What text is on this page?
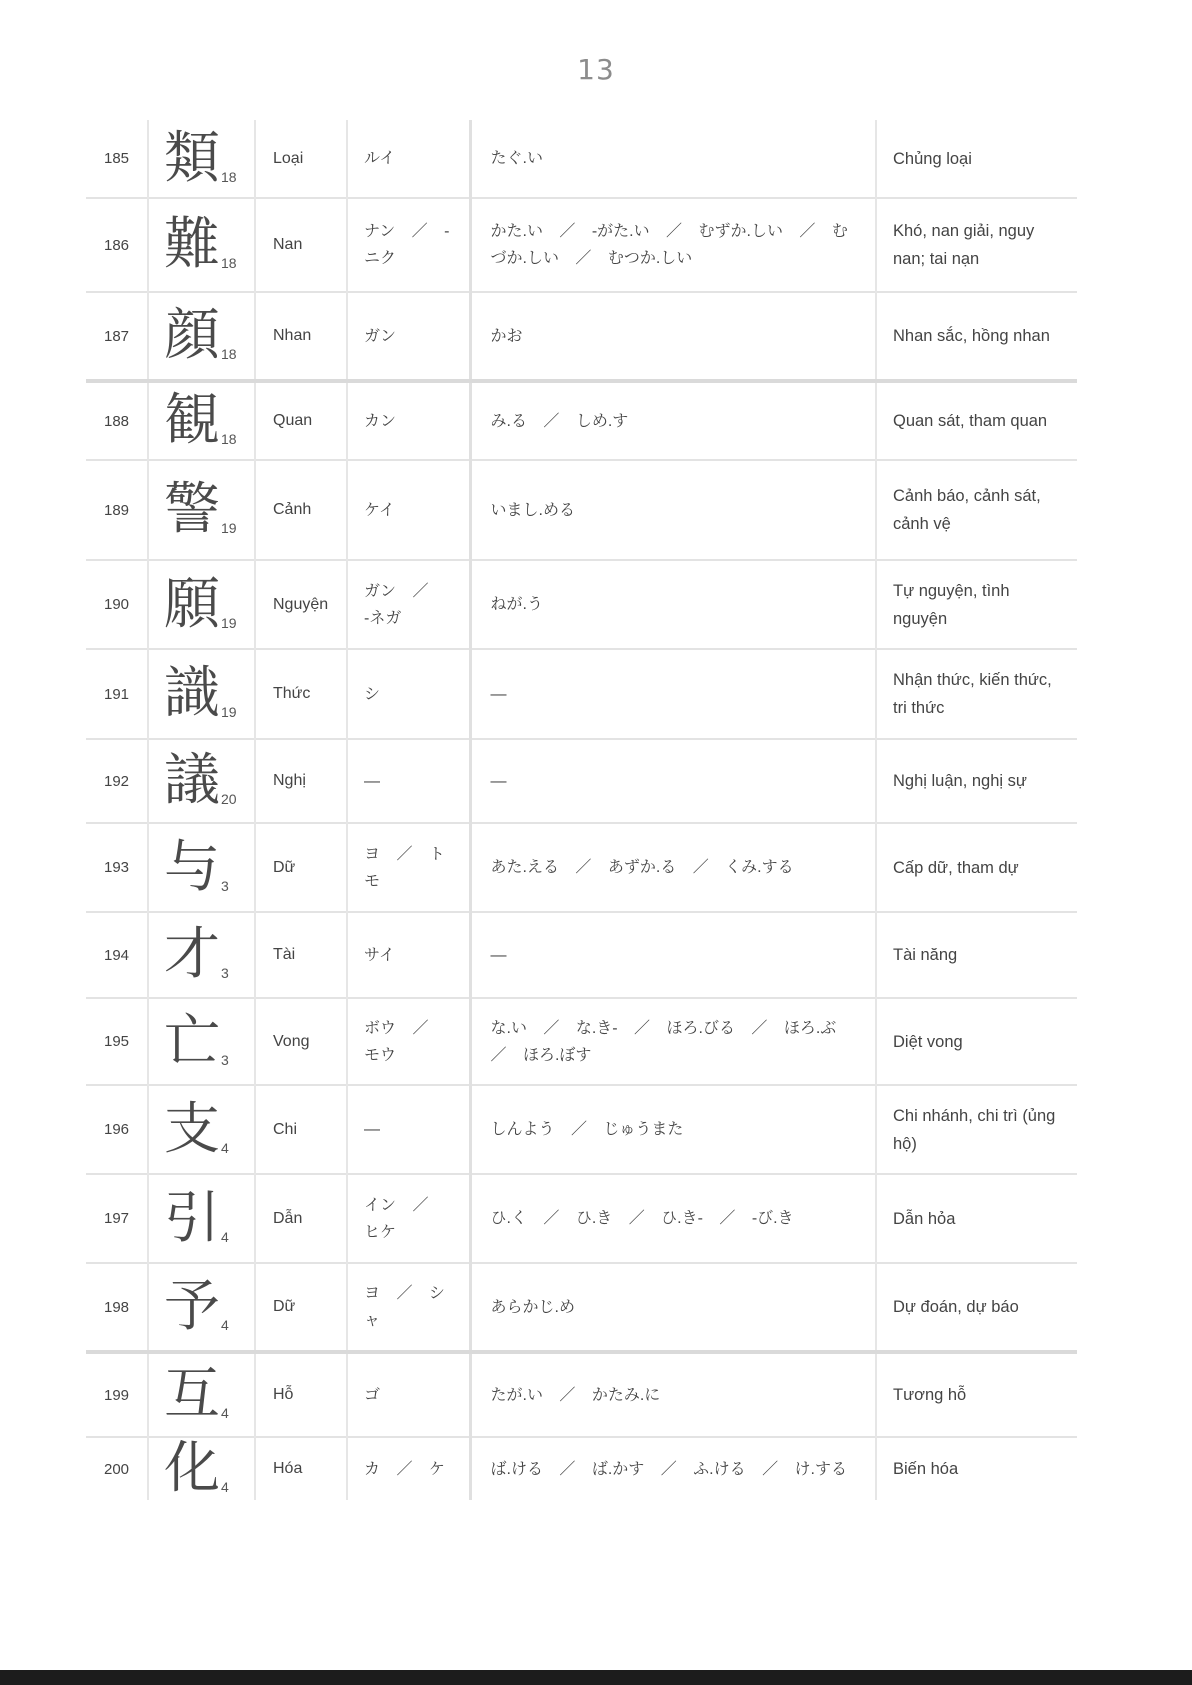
13
185	類 18	Loại	ルイ	たぐ.い	Chủng loại
186	難 18	Nan	ナン ／ -ニク	かた.い ／ -がた.い ／ むずか.しい ／ むづか.しい ／ むつか.しい	Khó, nan giải, nguy nan; tai nạn
187	顔 18	Nhan	ガン	かお	Nhan sắc, hồng nhan
188	観 18	Quan	カン	み.る ／ しめ.す	Quan sát, tham quan
189	警 19	Cảnh	ケイ	いまし.める	Cảnh báo, cảnh sát, cảnh vệ
190	願 19	Nguyện	ガン ／ -ネガ	ねが.う	Tự nguyện, tình nguyện
191	識 19	Thức	シ	—	Nhận thức, kiến thức, tri thức
192	議 20	Nghị	—	—	Nghị luận, nghị sự
193	与 3	Dữ	ヨ ／ トモ	あた.える ／ あずか.る ／ くみ.する	Cấp dữ, tham dự
194	才 3	Tài	サイ	—	Tài năng
195	亡 3	Vong	ボウ ／ モウ	な.い ／ な.き- ／ ほろ.びる ／ ほろ.ぶ ／ ほろ.ぼす	Diệt vong
196	支 4	Chi	—	しんよう ／ じゅうまた	Chi nhánh, chi trì (ủng hộ)
197	引 4	Dẫn	イン ／ ヒケ	ひ.く ／ ひ.き ／ ひ.き- ／ -び.き	Dẫn hỏa
198	予 4	Dữ	ヨ ／ シャ	あらかじ.め	Dự đoán, dự báo
199	互 4	Hỗ	ゴ	たが.い ／ かたみ.に	Tương hỗ
200	化 4	Hóa	カ ／ ケ	ば.ける ／ ば.かす ／ ふ.ける ／ け.する	Biến hóa
